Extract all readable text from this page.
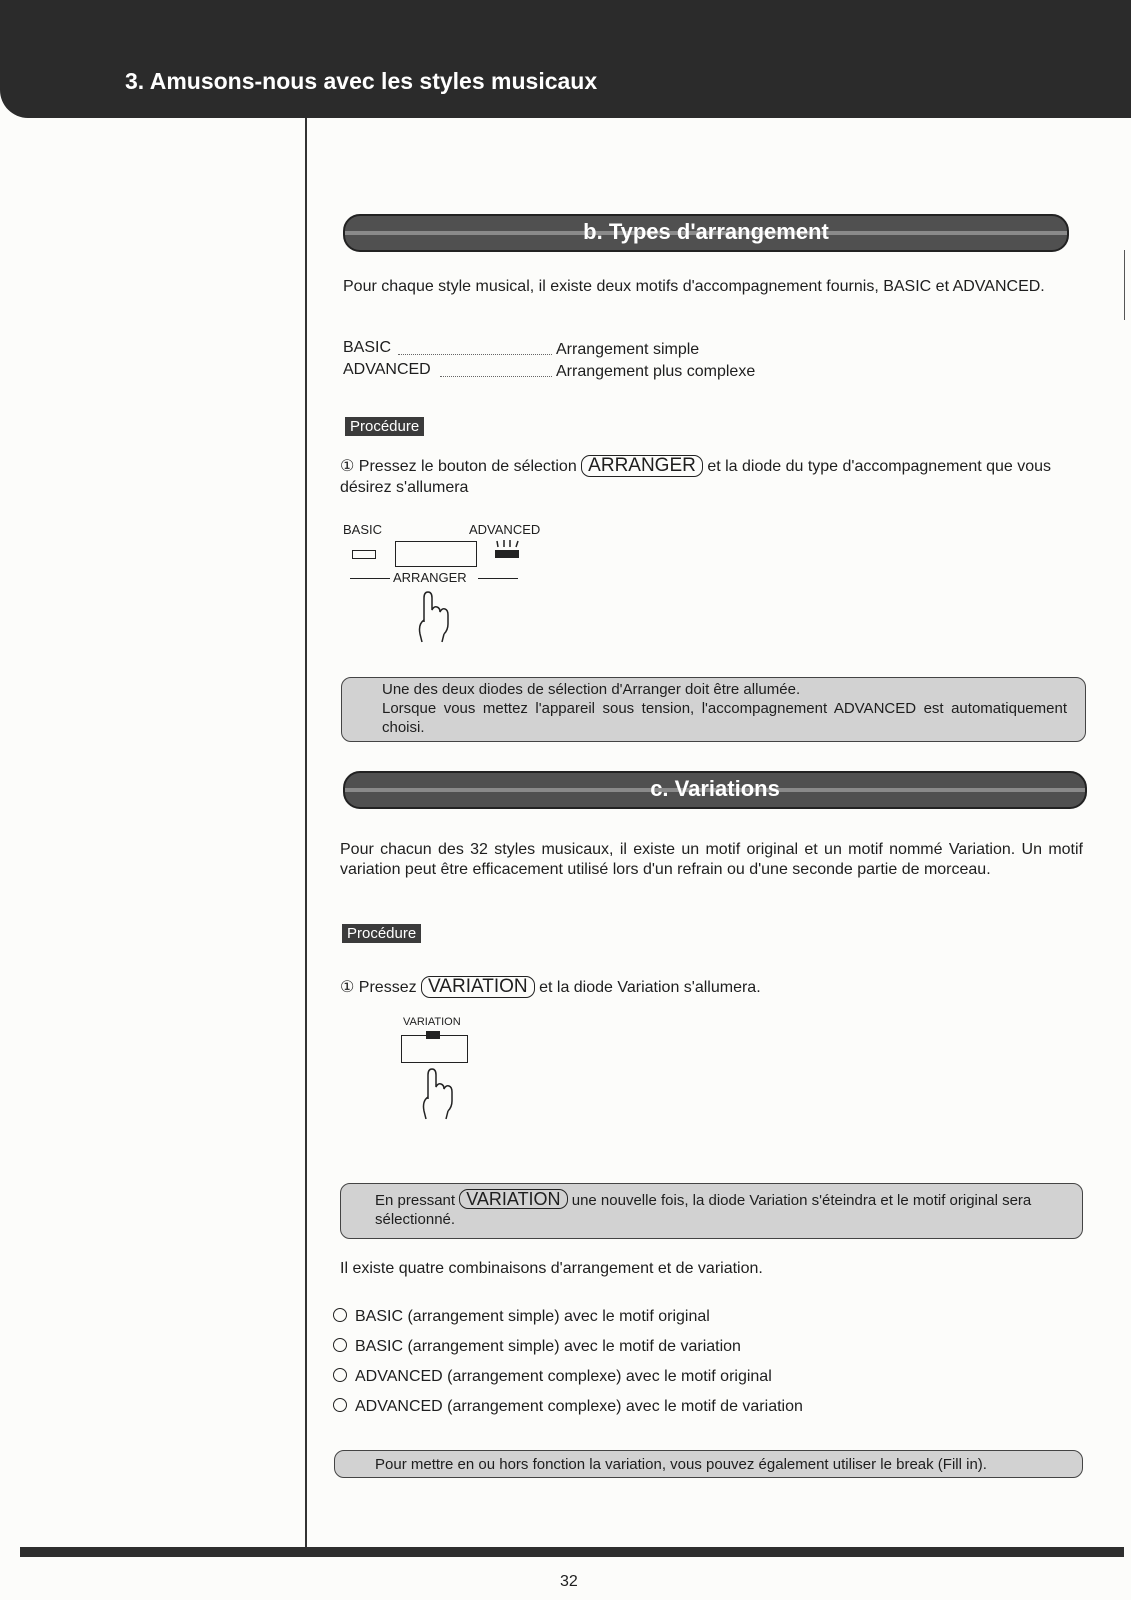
3. Amusons-nous avec les styles musicaux
b. Types d'arrangement
Pour chaque style musical, il existe deux motifs d'accompagnement fournis, BASIC et ADVANCED.
BASIC	Arrangement simple
ADVANCED	Arrangement plus complexe
Procédure
① Pressez le bouton de sélection ARRANGER et la diode du type d'accompagnement que vous désirez s'allumera
BASIC	ADVANCED
ARRANGER
Une des deux diodes de sélection d'Arranger doit être allumée.
Lorsque vous mettez l'appareil sous tension, l'accompagnement ADVANCED est automatiquement choisi.
c. Variations
Pour chacun des 32 styles musicaux, il existe un motif original et un motif nommé Variation. Un motif variation peut être efficacement utilisé lors d'un refrain ou d'une seconde partie de morceau.
Procédure
① Pressez VARIATION et la diode Variation s'allumera.
VARIATION
En pressant VARIATION une nouvelle fois, la diode Variation s'éteindra et le motif original sera sélectionné.
Il existe quatre combinaisons d'arrangement et de variation.
BASIC (arrangement simple) avec le motif original
BASIC (arrangement simple) avec le motif de variation
ADVANCED (arrangement complexe) avec le motif original
ADVANCED (arrangement complexe) avec le motif de variation
Pour mettre en ou hors fonction la variation, vous pouvez également utiliser le break (Fill in).
32
